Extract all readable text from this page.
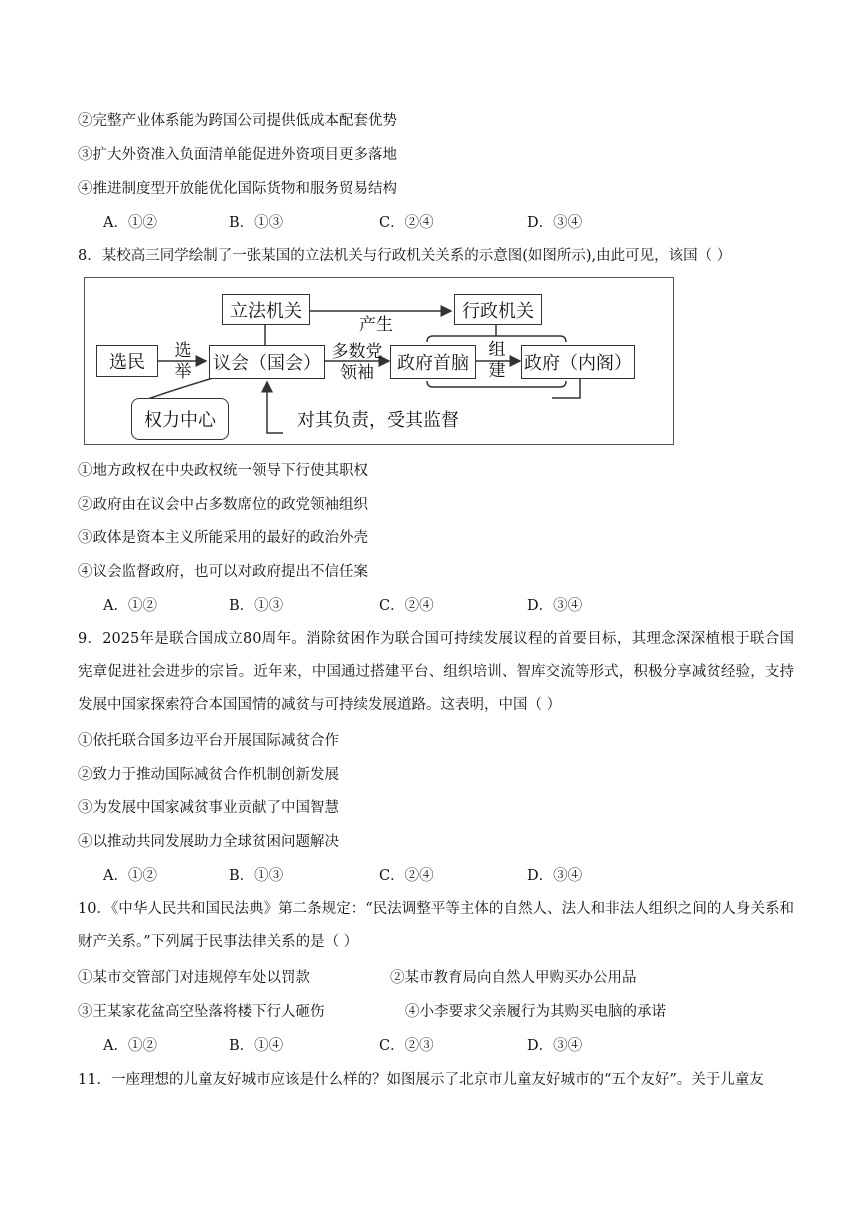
②完整产业体系能为跨国公司提供低成本配套优势
③扩大外资准入负面清单能促进外资项目更多落地
④推进制度型开放能优化国际货物和服务贸易结构
A．①②	B．①③	C．②④	D．③④
8．某校高三同学绘制了一张某国的立法机关与行政机关关系的示意图(如图所示),由此可见，该国（ ）
立法机关	行政机关
产生
选民
选
举	议会（国会）
多数党
领袖	政府首脑
组
建	政府（内阁）
权力中心	对其负责，受其监督
①地方政权在中央政权统一领导下行使其职权
②政府由在议会中占多数席位的政党领袖组织
③政体是资本主义所能采用的最好的政治外壳
④议会监督政府，也可以对政府提出不信任案
A．①②	B．①③	C．②④	D．③④
9．2025年是联合国成立80周年。消除贫困作为联合国可持续发展议程的首要目标，其理念深深植根于联合国宪章促进社会进步的宗旨。近年来，中国通过搭建平台、组织培训、智库交流等形式，积极分享减贫经验，支持发展中国家探索符合本国国情的减贫与可持续发展道路。这表明，中国（ ）
①依托联合国多边平台开展国际减贫合作
②致力于推动国际减贫合作机制创新发展
③为发展中国家减贫事业贡献了中国智慧
④以推动共同发展助力全球贫困问题解决
A．①②	B．①③	C．②④	D．③④
10．《中华人民共和国民法典》第二条规定：“民法调整平等主体的自然人、法人和非法人组织之间的人身关系和财产关系。”下列属于民事法律关系的是（ ）
①某市交管部门对违规停车处以罚款	②某市教育局向自然人甲购买办公用品
③王某家花盆高空坠落将楼下行人砸伤	④小李要求父亲履行为其购买电脑的承诺
A．①②	B．①④	C．②③	D．③④
11．一座理想的儿童友好城市应该是什么样的？如图展示了北京市儿童友好城市的“五个友好”。关于儿童友
